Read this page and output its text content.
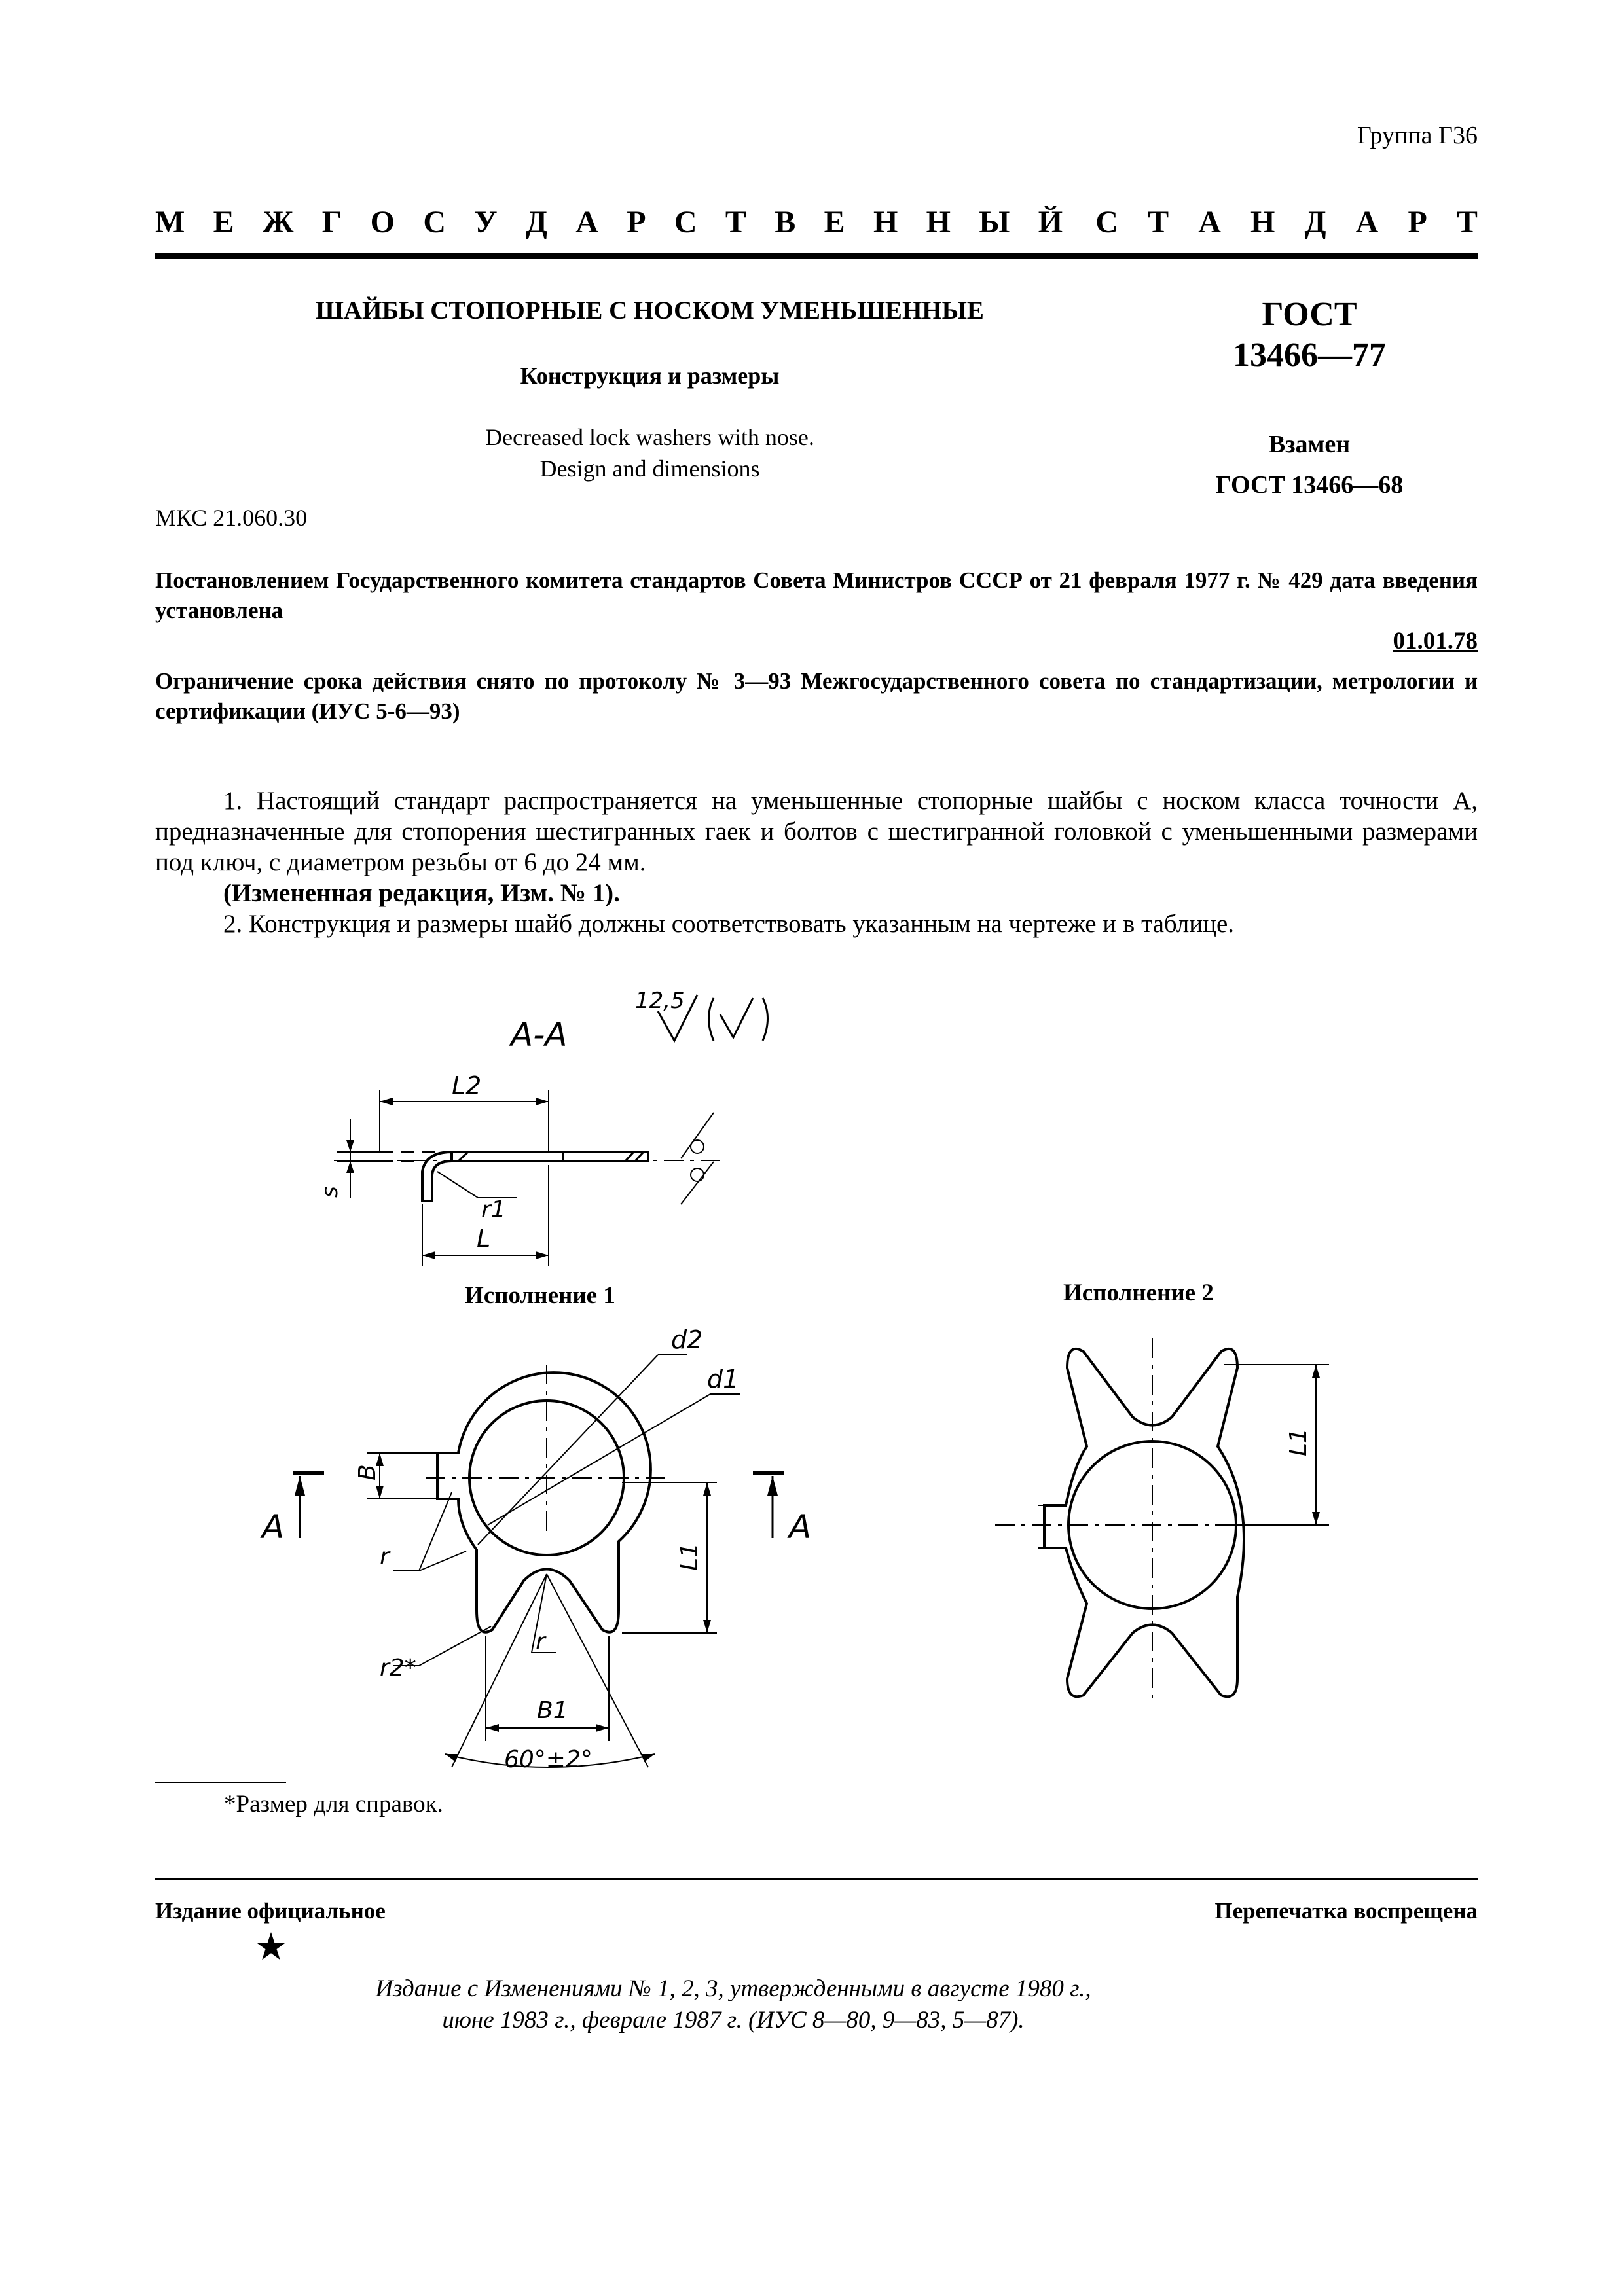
Группа Г36
М Е Ж Г О С У Д А Р С Т В Е Н Н Ы Й С Т А Н Д А Р Т
ШАЙБЫ СТОПОРНЫЕ С НОСКОМ УМЕНЬШЕННЫЕ
Конструкция и размеры
Decreased lock washers with nose.
Design and dimensions
ГОСТ
13466—77
Взамен
ГОСТ 13466—68
МКС 21.060.30
Постановлением Государственного комитета стандартов Совета Министров СССР от 21 февраля 1977 г. № 429 дата введения установлена
01.01.78
Ограничение срока действия снято по протоколу № 3—93 Межгосударственного совета по стандартизации, метрологии и сертификации (ИУС 5-6—93)

1. Настоящий стандарт распространяется на уменьшенные стопорные шайбы с носком класса точности А, предназначенные для стопорения шестигранных гаек и болтов с шестигранной головкой с уменьшенными размерами под ключ, с диаметром резьбы от 6 до 24 мм.

(Измененная редакция, Изм. № 1).

2. Конструкция и размеры шайб должны соответствовать указанным на чертеже и в таблице.

А-А
12,5
L2
L
s
r1
d2
d1
B
L1
А	А
r
r
r2*
B1
60°±2°
L1
Исполнение 1	Исполнение 2
*Размер для справок.
Издание официальное	Перепечатка воспрещена
★
Издание с Изменениями № 1, 2, 3, утвержденными в августе 1980 г.,
июне 1983 г., феврале 1987 г. (ИУС 8—80, 9—83, 5—87).
